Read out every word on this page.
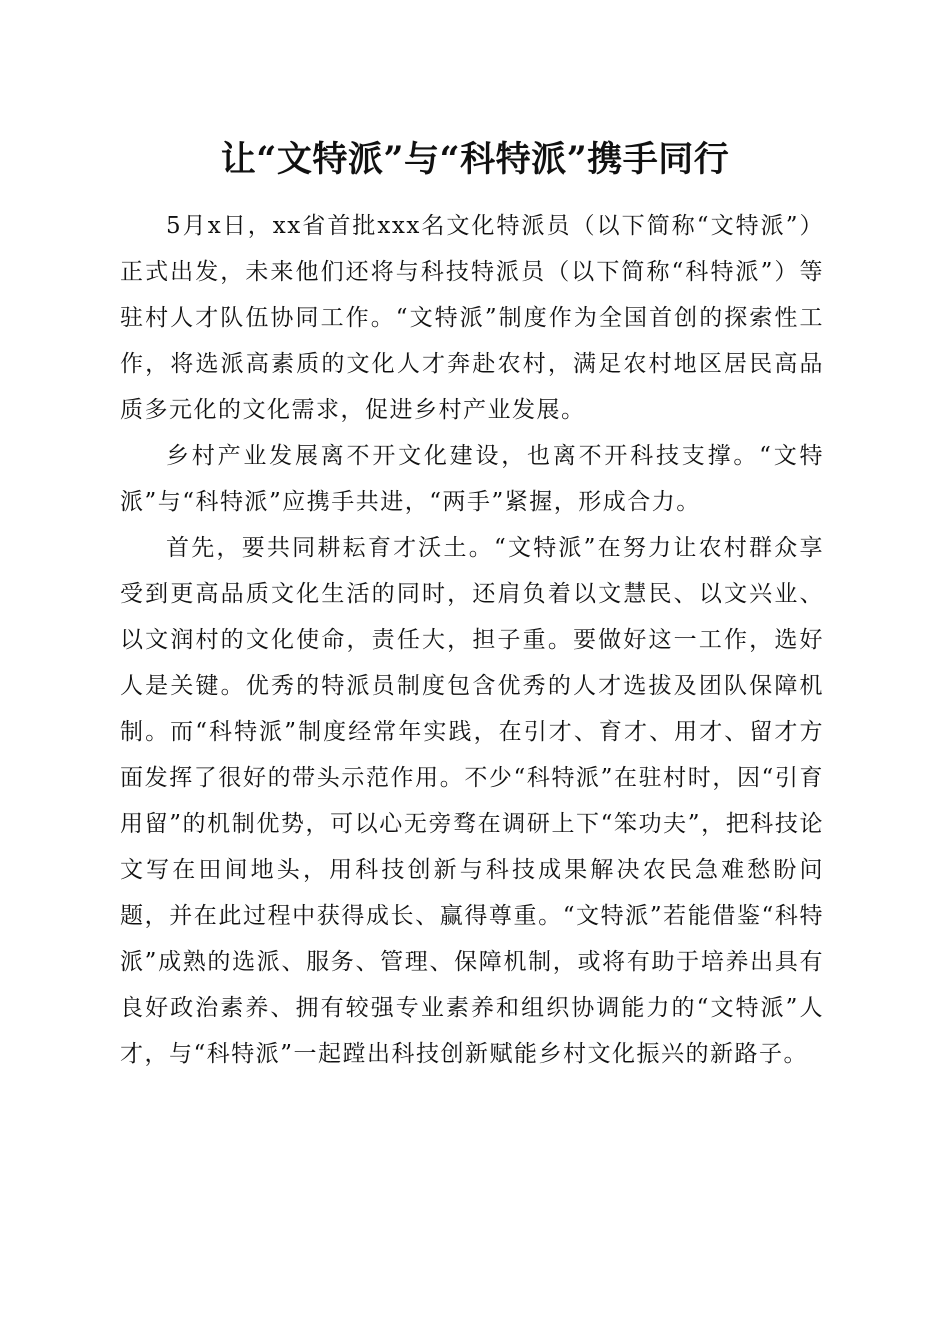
让“文特派”与“科特派”携手同行

5月x日，xx省首批xxx名文化特派员（以下简称“文特派”）正式出发，未来他们还将与科技特派员（以下简称“科特派”）等驻村人才队伍协同工作。“文特派”制度作为全国首创的探索性工作，将选派高素质的文化人才奔赴农村，满足农村地区居民高品质多元化的文化需求，促进乡村产业发展。

乡村产业发展离不开文化建设，也离不开科技支撑。“文特派”与“科特派”应携手共进，“两手”紧握，形成合力。

首先，要共同耕耘育才沃土。“文特派”在努力让农村群众享受到更高品质文化生活的同时，还肩负着以文慧民、以文兴业、以文润村的文化使命，责任大，担子重。要做好这一工作，选好人是关键。优秀的特派员制度包含优秀的人才选拔及团队保障机制。而“科特派”制度经常年实践，在引才、育才、用才、留才方面发挥了很好的带头示范作用。不少“科特派”在驻村时，因“引育用留”的机制优势，可以心无旁骛在调研上下“笨功夫”，把科技论文写在田间地头，用科技创新与科技成果解决农民急难愁盼问题，并在此过程中获得成长、赢得尊重。“文特派”若能借鉴“科特派”成熟的选派、服务、管理、保障机制，或将有助于培养出具有良好政治素养、拥有较强专业素养和组织协调能力的“文特派”人才，与“科特派”一起蹚出科技创新赋能乡村文化振兴的新路子。
